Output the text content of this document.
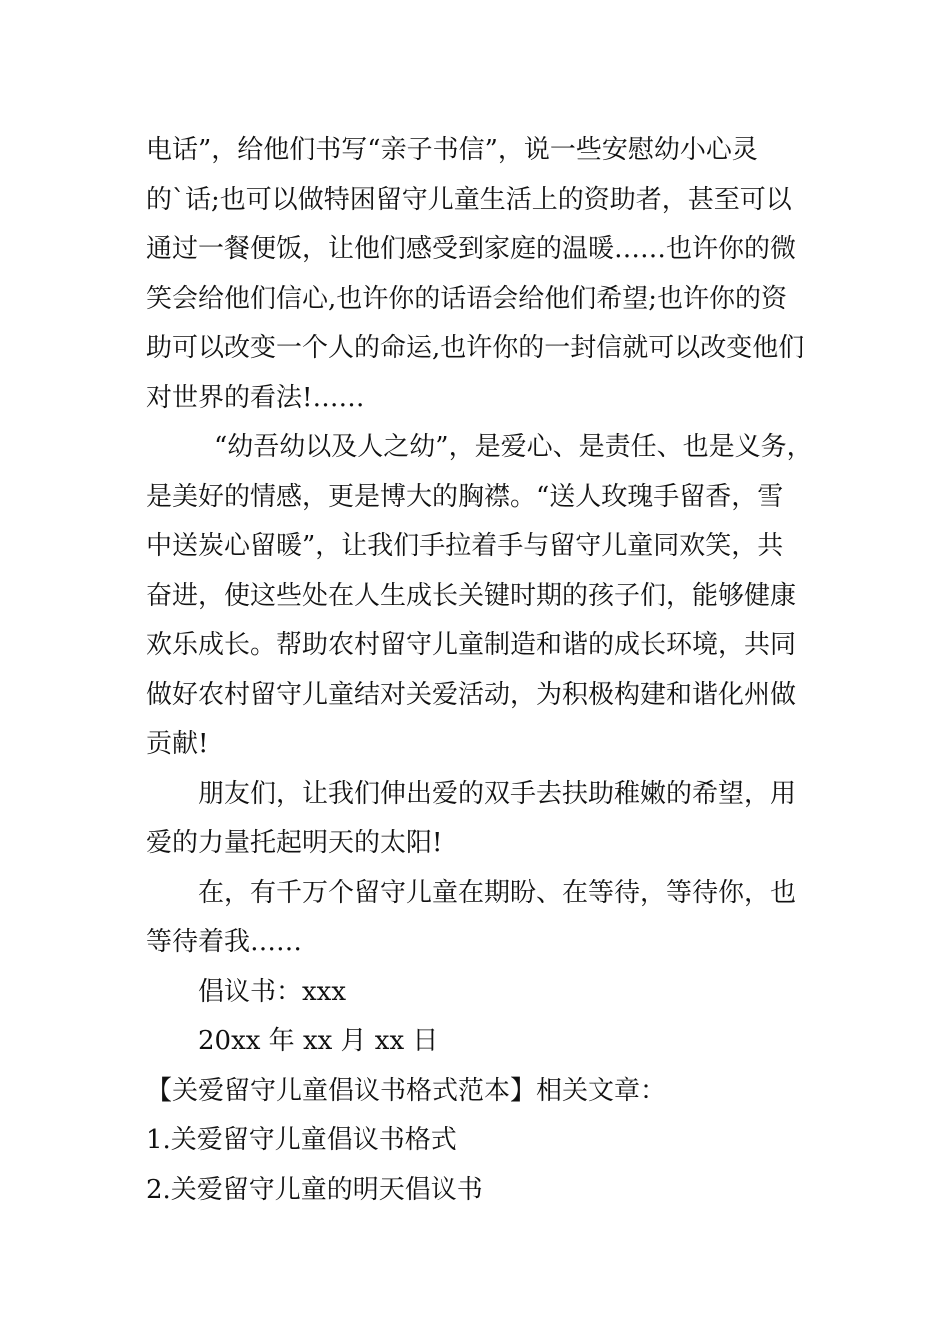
电话”，给他们书写“亲子书信”，说一些安慰幼小心灵
的`话;也可以做特困留守儿童生活上的资助者，甚至可以
通过一餐便饭，让他们感受到家庭的温暖……也许你的微
笑会给他们信心,也许你的话语会给他们希望;也许你的资
助可以改变一个人的命运,也许你的一封信就可以改变他们
对世界的看法!……
“幼吾幼以及人之幼”，是爱心、是责任、也是义务，
是美好的情感，更是博大的胸襟。“送人玫瑰手留香，雪
中送炭心留暖”，让我们手拉着手与留守儿童同欢笑，共
奋进，使这些处在人生成长关键时期的孩子们，能够健康
欢乐成长。帮助农村留守儿童制造和谐的成长环境，共同
做好农村留守儿童结对关爱活动，为积极构建和谐化州做
贡献!
朋友们，让我们伸出爱的双手去扶助稚嫩的希望，用
爱的力量托起明天的太阳!
在，有千万个留守儿童在期盼、在等待，等待你，也
等待着我……
倡议书：xxx
20xx 年 xx 月 xx 日
【关爱留守儿童倡议书格式范本】相关文章：
1.关爱留守儿童倡议书格式
2.关爱留守儿童的明天倡议书
